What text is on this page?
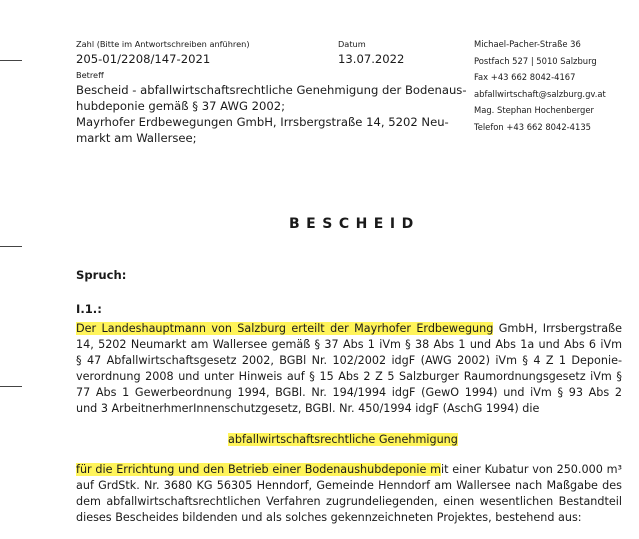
Zahl (Bitte im Antwortschreiben anführen)
205-01/2208/147-2021
Datum
13.07.2022
Betreff
Bescheid - abfallwirtschaftsrechtliche Genehmigung der Bodenaus-
hubdeponie gemäß § 37 AWG 2002;
Mayrhofer Erdbewegungen GmbH, Irrsbergstraße 14, 5202 Neu-
markt am Wallersee;
Michael-Pacher-Straße 36
Postfach 527 | 5010 Salzburg
Fax +43 662 8042-4167
abfallwirtschaft@salzburg.gv.at
Mag. Stephan Hochenberger
Telefon +43 662 8042-4135
BESCHEID
Spruch:
I.1.:
Der Landeshauptmann von Salzburg erteilt der Mayrhofer Erdbewegung GmbH, Irrsbergstraße
14, 5202 Neumarkt am Wallersee gemäß § 37 Abs 1 iVm § 38 Abs 1 und Abs 1a und Abs 6 iVm
§ 47 Abfallwirtschaftsgesetz 2002, BGBl Nr. 102/2002 idgF (AWG 2002) iVm § 4 Z 1 Deponie-
verordnung 2008 und unter Hinweis auf § 15 Abs 2 Z 5 Salzburger Raumordnungsgesetz iVm §
77 Abs 1 Gewerbeordnung 1994, BGBl. Nr. 194/1994 idgF (GewO 1994) und iVm § 93 Abs 2
und 3 ArbeitnerhmerInnenschutzgesetz, BGBl. Nr. 450/1994 idgF (AschG 1994) die
abfallwirtschaftsrechtliche Genehmigung
für die Errichtung und den Betrieb einer Bodenaushubdeponie mit einer Kubatur von 250.000 m³
auf GrdStk. Nr. 3680 KG 56305 Henndorf, Gemeinde Henndorf am Wallersee nach Maßgabe des
dem abfallwirtschaftsrechtlichen Verfahren zugrundeliegenden, einen wesentlichen Bestandteil
dieses Bescheides bildenden und als solches gekennzeichneten Projektes, bestehend aus:
